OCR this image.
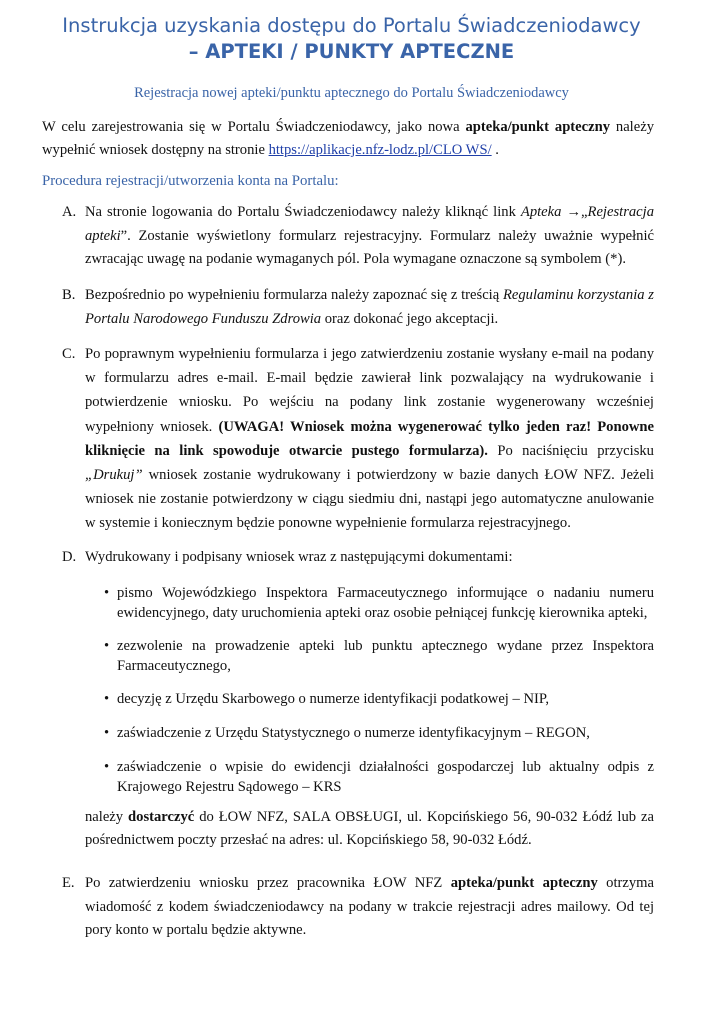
Instrukcja uzyskania dostępu do Portalu Świadczeniodawcy
– APTEKI / PUNKTY APTECZNE
Rejestracja nowej apteki/punktu aptecznego do Portalu Świadczeniodawcy
W celu zarejestrowania się w Portalu Świadczeniodawcy, jako nowa apteka/punkt apteczny należy wypełnić wniosek dostępny na stronie https://aplikacje.nfz-lodz.pl/CLO WS/ .
Procedura rejestracji/utworzenia konta na Portalu:
A. Na stronie logowania do Portalu Świadczeniodawcy należy kliknąć link Apteka →„Rejestracja apteki”. Zostanie wyświetlony formularz rejestracyjny. Formularz należy uważnie wypełnić zwracając uwagę na podanie wymaganych pól. Pola wymagane oznaczone są symbolem (*).
B. Bezpośrednio po wypełnieniu formularza należy zapoznać się z treścią Regulaminu korzystania z Portalu Narodowego Funduszu Zdrowia oraz dokonać jego akceptacji.
C. Po poprawnym wypełnieniu formularza i jego zatwierdzeniu zostanie wysłany e-mail na podany w formularzu adres e-mail. E-mail będzie zawierał link pozwalający na wydrukowanie i potwierdzenie wniosku. Po wejściu na podany link zostanie wygenerowany wcześniej wypełniony wniosek. (UWAGA! Wniosek można wygenerować tylko jeden raz! Ponowne kliknięcie na link spowoduje otwarcie pustego formularza). Po naciśnięciu przycisku „Drukuj” wniosek zostanie wydrukowany i potwierdzony w bazie danych ŁOW NFZ. Jeżeli wniosek nie zostanie potwierdzony w ciągu siedmiu dni, nastąpi jego automatyczne anulowanie w systemie i koniecznym będzie ponowne wypełnienie formularza rejestracyjnego.
D. Wydrukowany i podpisany wniosek wraz z następującymi dokumentami:
• pismo Wojewódzkiego Inspektora Farmaceutycznego informujące o nadaniu numeru ewidencyjnego, daty uruchomienia apteki oraz osobie pełniącej funkcję kierownika apteki,
• zezwolenie na prowadzenie apteki lub punktu aptecznego wydane przez Inspektora Farmaceutycznego,
• decyzję z Urzędu Skarbowego o numerze identyfikacji podatkowej – NIP,
• zaświadczenie z Urzędu Statystycznego o numerze identyfikacyjnym – REGON,
• zaświadczenie o wpisie do ewidencji działalności gospodarczej lub aktualny odpis z Krajowego Rejestru Sądowego – KRS
należy dostarczyć do ŁOW NFZ, SALA OBSŁUGI, ul. Kopcińskiego 56, 90-032 Łódź lub za pośrednictwem poczty przesłać na adres: ul. Kopcińskiego 58, 90-032 Łódź.
E. Po zatwierdzeniu wniosku przez pracownika ŁOW NFZ apteka/punkt apteczny otrzyma wiadomość z kodem świadczeniodawcy na podany w trakcie rejestracji adres mailowy. Od tej pory konto w portalu będzie aktywne.
